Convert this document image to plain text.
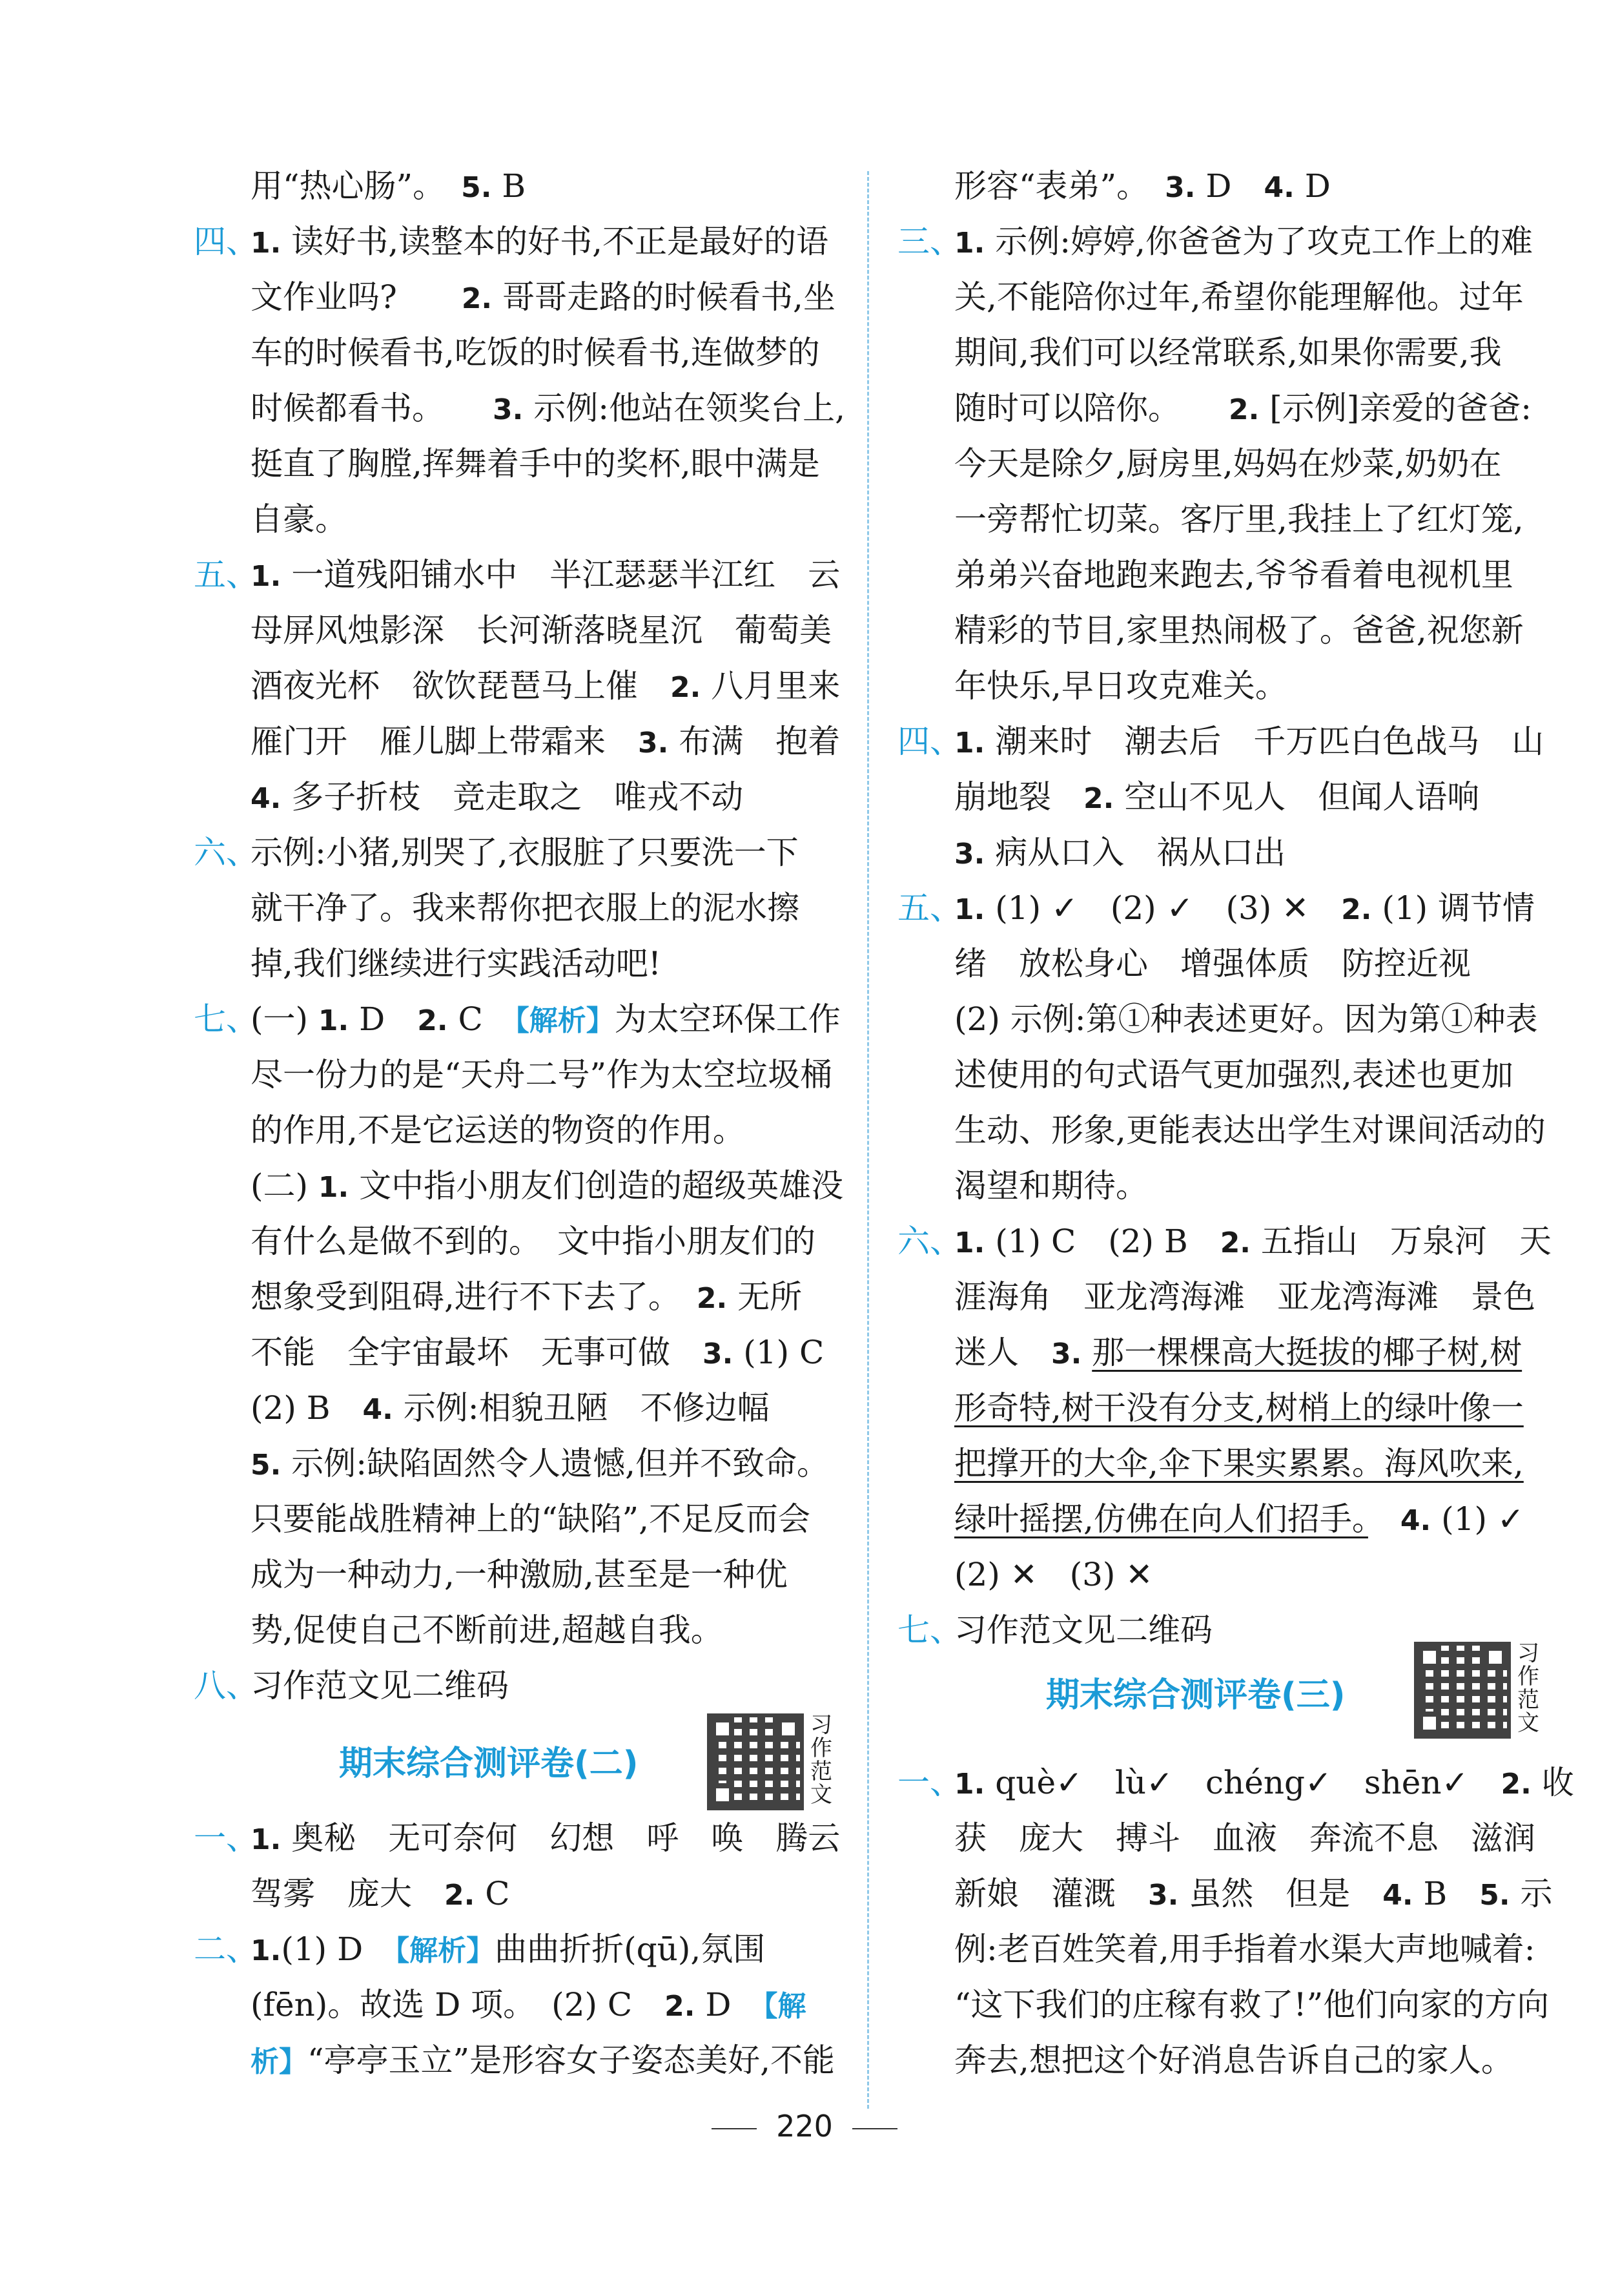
用“热心肠”。　 5. B
四、1. 读好书,读整本的好书,不正是最好的语
文作业吗?　　 2. 哥哥走路的时候看书,坐
车的时候看书,吃饭的时候看书,连做梦的
时候都看书。　　 3. 示例:他站在领奖台上,
挺直了胸膛,挥舞着手中的奖杯,眼中满是
自豪。
五、1. 一道残阳铺水中　半江瑟瑟半江红　云
母屏风烛影深　长河渐落晓星沉　葡萄美
酒夜光杯　欲饮琵琶马上催　 2. 八月里来
雁门开　雁儿脚上带霜来　 3. 布满　抱着
4. 多子折枝　竞走取之　唯戎不动
六、示例:小猪,别哭了,衣服脏了只要洗一下
就干净了。我来帮你把衣服上的泥水擦
掉,我们继续进行实践活动吧!
七、(一) 1. D　 2. C　 【解析】为太空环保工作
尽一份力的是“天舟二号”作为太空垃圾桶
的作用,不是它运送的物资的作用。
(二) 1. 文中指小朋友们创造的超级英雄没
有什么是做不到的。　文中指小朋友们的
想象受到阻碍,进行不下去了。　 2. 无所
不能　全宇宙最坏　无事可做　 3. (1) C
(2) B　 4. 示例:相貌丑陋　不修边幅
5. 示例:缺陷固然令人遗憾,但并不致命。
只要能战胜精神上的“缺陷”,不足反而会
成为一种动力,一种激励,甚至是一种优
势,促使自己不断前进,超越自我。
八、习作范文见二维码
期末综合测评卷(二)
习作范文
一、1. 奥秘　无可奈何　幻想　呼　唤　腾云
驾雾　庞大　 2. C
二、1.(1) D　 【解析】曲曲折折(qū),氛围
(fēn)。故选 D 项。　(2) C　 2. D　 【解
析】“亭亭玉立”是形容女子姿态美好,不能
形容“表弟”。　 3. D　 4. D
三、1. 示例:婷婷,你爸爸为了攻克工作上的难
关,不能陪你过年,希望你能理解他。过年
期间,我们可以经常联系,如果你需要,我
随时可以陪你。　　 2. [示例]亲爱的爸爸:
今天是除夕,厨房里,妈妈在炒菜,奶奶在
一旁帮忙切菜。客厅里,我挂上了红灯笼,
弟弟兴奋地跑来跑去,爷爷看着电视机里
精彩的节目,家里热闹极了。爸爸,祝您新
年快乐,早日攻克难关。
四、1. 潮来时　潮去后　千万匹白色战马　山
崩地裂　 2. 空山不见人　但闻人语响
3. 病从口入　祸从口出
五、1. (1) ✓　(2) ✓　(3) ✕　 2. (1) 调节情
绪　放松身心　增强体质　防控近视
(2) 示例:第①种表述更好。因为第①种表
述使用的句式语气更加强烈,表述也更加
生动、形象,更能表达出学生对课间活动的
渴望和期待。
六、1. (1) C　(2) B　 2. 五指山　万泉河　天
涯海角　亚龙湾海滩　亚龙湾海滩　景色
迷人　 3. 那一棵棵高大挺拔的椰子树,树
形奇特,树干没有分支,树梢上的绿叶像一
把撑开的大伞,伞下果实累累。海风吹来,
绿叶摇摆,仿佛在向人们招手。　 4. (1) ✓
(2) ✕　(3) ✕
七、习作范文见二维码
期末综合测评卷(三)
习作范文
一、1. què✓　lù✓　chéng✓　shēn✓　 2. 收
获　庞大　搏斗　血液　奔流不息　滋润
新娘　灌溉　 3. 虽然　但是　 4. B　 5. 示
例:老百姓笑着,用手指着水渠大声地喊着:
“这下我们的庄稼有救了!”他们向家的方向
奔去,想把这个好消息告诉自己的家人。
220
